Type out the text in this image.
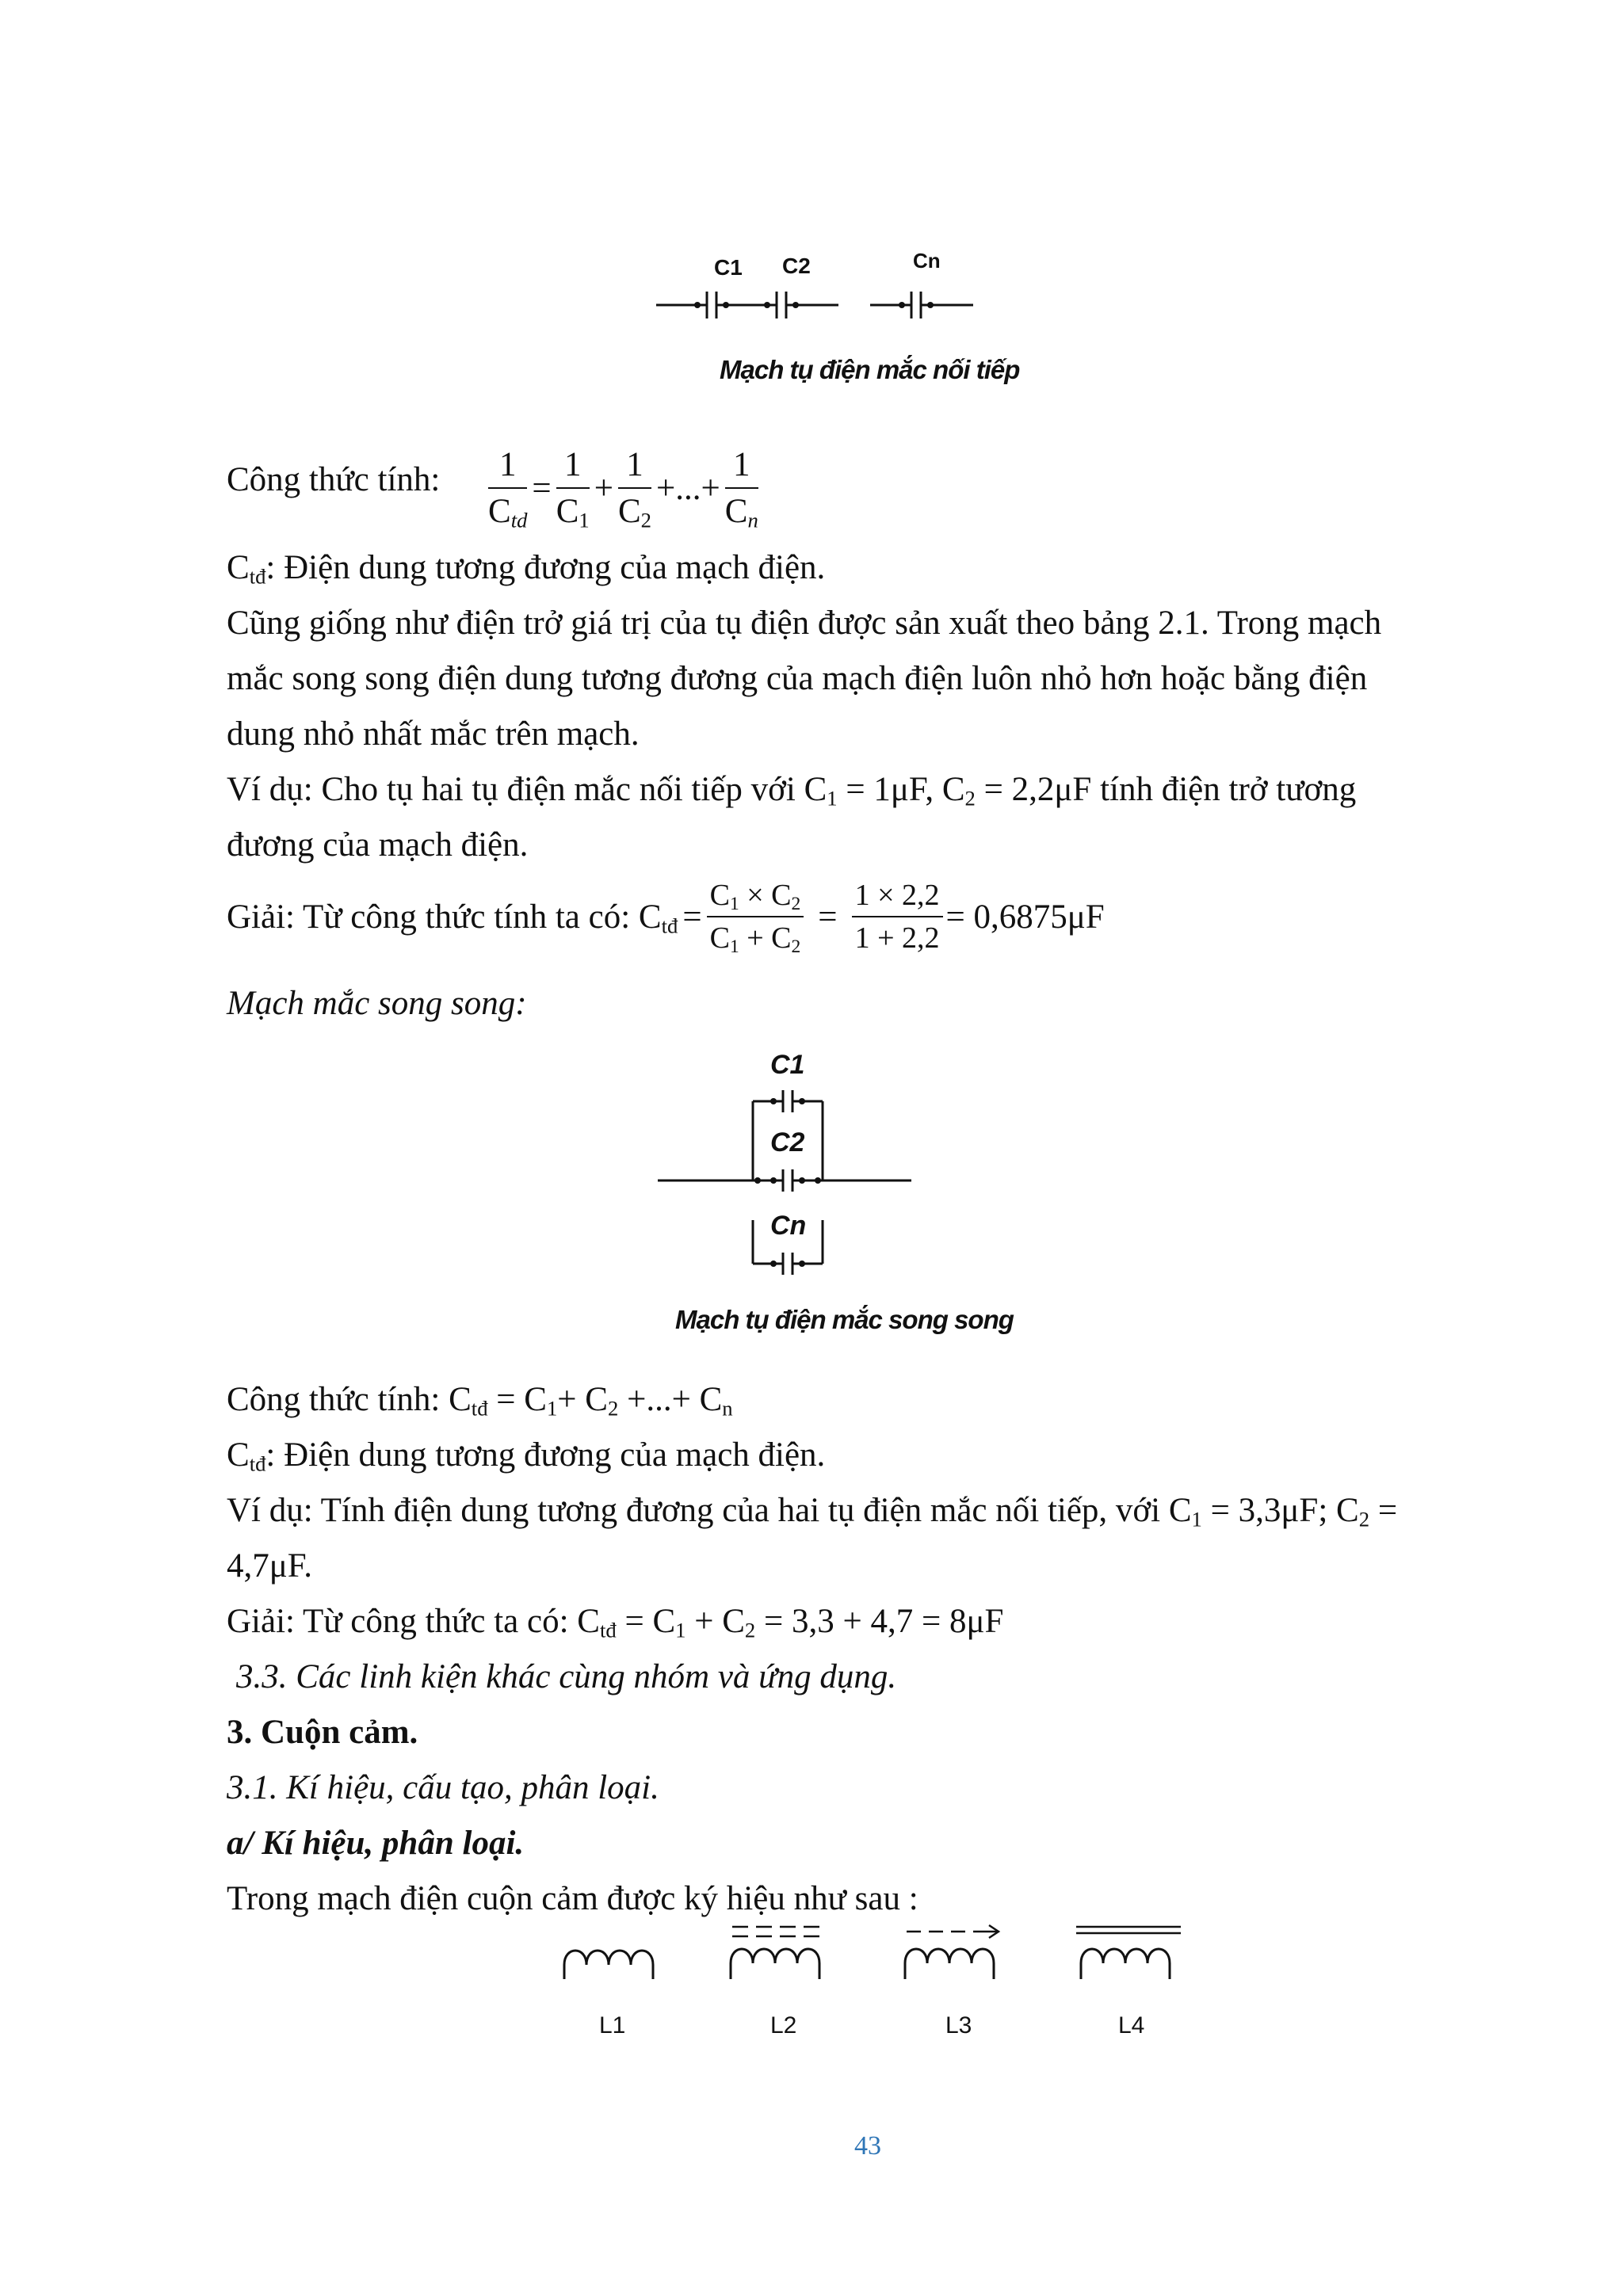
C1 C2	Cn
Mạch tụ điện mắc nối tiếp
Công thức tính: $\frac{1}{C_{td}} = \frac{1}{C_1} + \frac{1}{C_2}$ +...+ $\frac{1}{C_n}$
$C_{tđ}$: Điện dung tương đương của mạch điện.
Cũng giống như điện trở giá trị của tụ điện được sản xuất theo bảng 2.1. Trong mạch
mắc song song điện dung tương đương của mạch điện luôn nhỏ hơn hoặc bằng điện
dung nhỏ nhất mắc trên mạch.
Ví dụ: Cho tụ hai tụ điện mắc nối tiếp với $C_1 = 1\mu F$, $C_2 = 2,2\mu F$ tính điện trở tương
đương của mạch điện.
Giải: Từ công thức tính ta có: $C_{tđ} = \frac{C_1 \times C_2}{C_1 + C_2} = \frac{1 \times 2,2}{1 + 2,2} = 0,6875\mu F$
Mạch mắc song song:
C1
C2
Cn
Mạch tụ điện mắc song song
Công thức tính: $C_{tđ} = C_1+ C_2$ +...+ $C_n$
$C_{tđ}$: Điện dung tương đương của mạch điện.
Ví dụ: Tính điện dung tương đương của hai tụ điện mắc nối tiếp, với $C_1 = 3,3\mu F$; $C_2$ =
4,7μF.
Giải: Từ công thức ta có: $C_{tđ} = C_1 + C_2 = 3,3 + 4,7 = 8\mu F$
3.3. Các linh kiện khác cùng nhóm và ứng dụng.
3. Cuộn cảm.
3.1. Kí hiệu, cấu tạo, phân loại.
a/ Kí hiệu, phân loại.
Trong mạch điện cuộn cảm được ký hiệu như sau :
L1	L2	L3	L4
43
